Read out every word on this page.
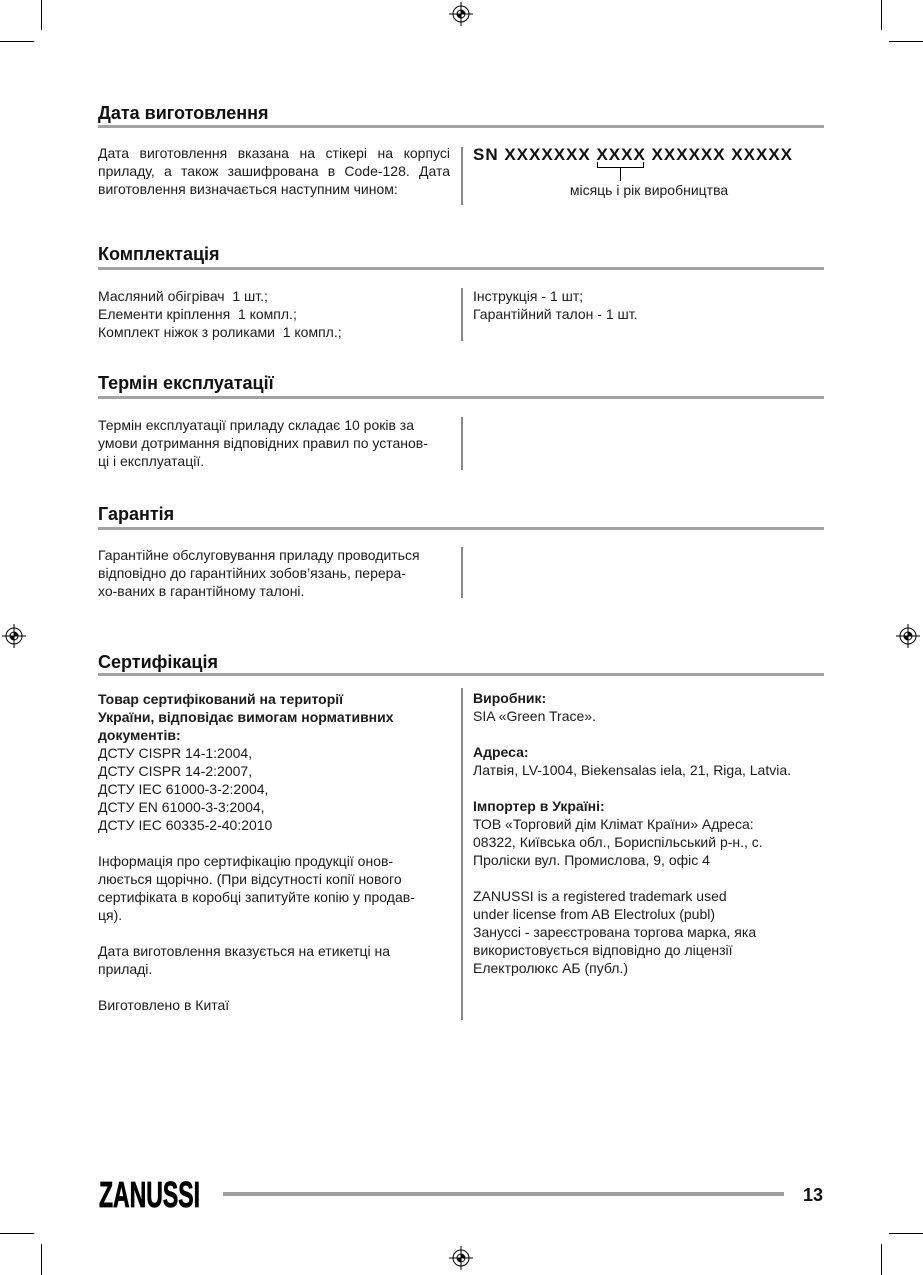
Дата виготовлення
Дата виготовлення вказана на стікері на корпусі
приладу, а також зашифрована в Code-128. Дата
виготовлення визначається наступним чином:
SN XXXXXXX XXXX XXXXXX XXXXX
місяць і рік виробництва
Комплектація
Масляний обігрівач  1 шт.;
Елементи кріплення  1 компл.;
Комплект ніжок з роликами  1 компл.;
Інструкція - 1 шт;
Гарантійний талон - 1 шт.
Термін експлуатації
Термін експлуатації приладу складає 10 років за
умови дотримання відповідних правил по установ-
ці і експлуатації.
Гарантія
Гарантійне обслуговування приладу проводиться
відповідно до гарантійних зобов’язань, перера-
хо-ваних в гарантійному талоні.
Сертифікація
Товар сертифікований на території
України, відповідає вимогам нормативних
документів:
ДСТУ CISPR 14-1:2004,
ДСТУ CISPR 14-2:2007,
ДСТУ IEC 61000-3-2:2004,
ДСТУ EN 61000-3-3:2004,
ДСТУ IEC 60335-2-40:2010
Інформація про сертифікацію продукції онов-
люється щорічно. (При відсутності копії нового
сертифіката в коробці запитуйте копію у продав-
ця).
Дата виготовлення вказується на етикетці на
приладі.
Виготовлено в Китаї
Виробник:
SIA «Green Trace».
Адреса:
Латвія, LV-1004, Biekensalas iela, 21, Riga, Latvia.
Імпортер в Україні:
ТОВ «Торговий дім Клімат Країни» Адреса:
08322, Київська обл., Бориспільський р-н., с.
Проліски вул. Промислова, 9, офіс 4
ZANUSSI is a registered trademark used
under license from AB Electrolux (publ)
Зануссі - зареєстрована торгова марка, яка
використовується відповідно до ліцензії
Електролюкс АБ (публ.)
ZANUSSI	13
